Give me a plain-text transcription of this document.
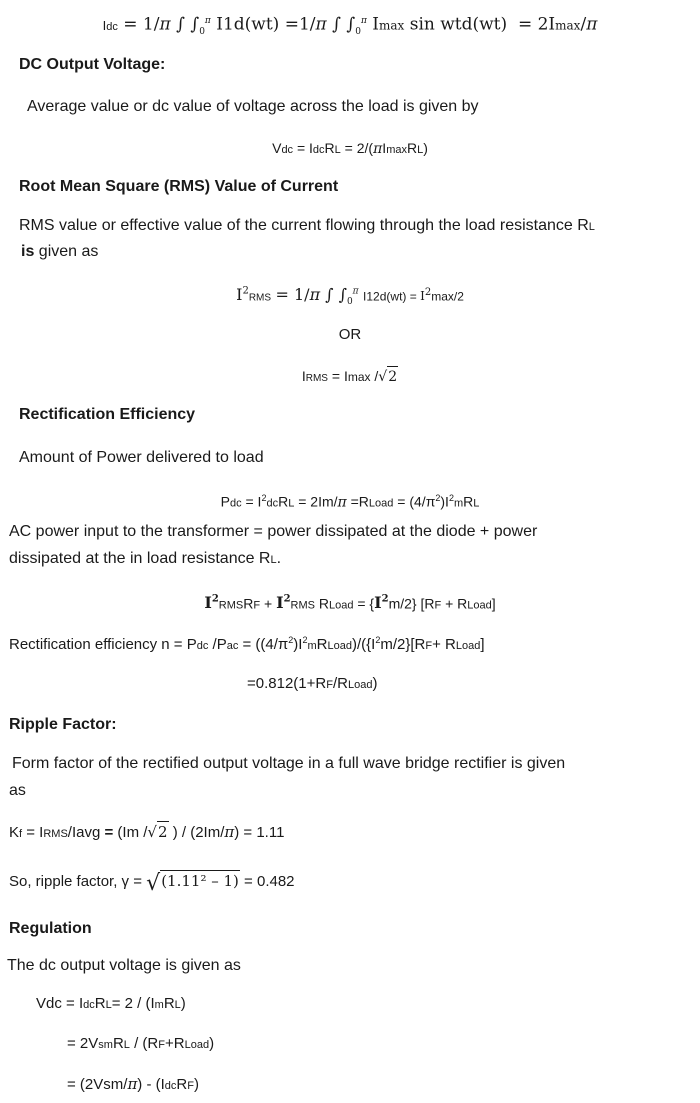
Idc = 1/π ∫ $\int_0^\pi$ I1d(wt) =1/π ∫ $\int_0^\pi$ Imax sin wtd(wt)  = 2Imax/π
DC Output Voltage:
Average value or dc value of voltage across the load is given by
Vdc = IdcRL = 2/(πImaxRL)
Root Mean Square (RMS) Value of Current
RMS value or effective value of the current flowing through the load resistance RL
is given as
$I^2RMS = 1/\pi$ ∫ $\int_0^\pi$ $I12d(wt) = I^2\max/2$
OR
IRMS = Imax /√2
Rectification Efficiency
Amount of Power delivered to load
Pdc = $I^2dcRL = 2Im/\pi$ =RLoad = $(4/\pi^2)I^2mRL$
AC power input to the transformer = power dissipated at the diode + power
dissipated at the in load resistance RL.
$I^2RMSRF + I^2RMS$ RLoad = $\{I^2m/2\} [RF$ + RLoad]
Rectification efficiency n = Pdc $/Pac = ((4/\pi^2)I^2mRLoad)/(\{I^2m/2\}[RF+$ RLoad]
=0.812(1+RF/RLoad)
Ripple Factor:
Form factor of the rectified output voltage in a full wave bridge rectifier is given
as
Kf = IRMS/Iavg = (Im /√2 ) / (2Im/π) = 1.11
So, ripple factor, γ = √(1.11² – 1) = 0.482
Regulation
The dc output voltage is given as
Vdc = IdcRL= 2 / (ImRL)
= 2VsmRL / (RF+RLoad)
= (2Vsm/π) - (IdcRF)
